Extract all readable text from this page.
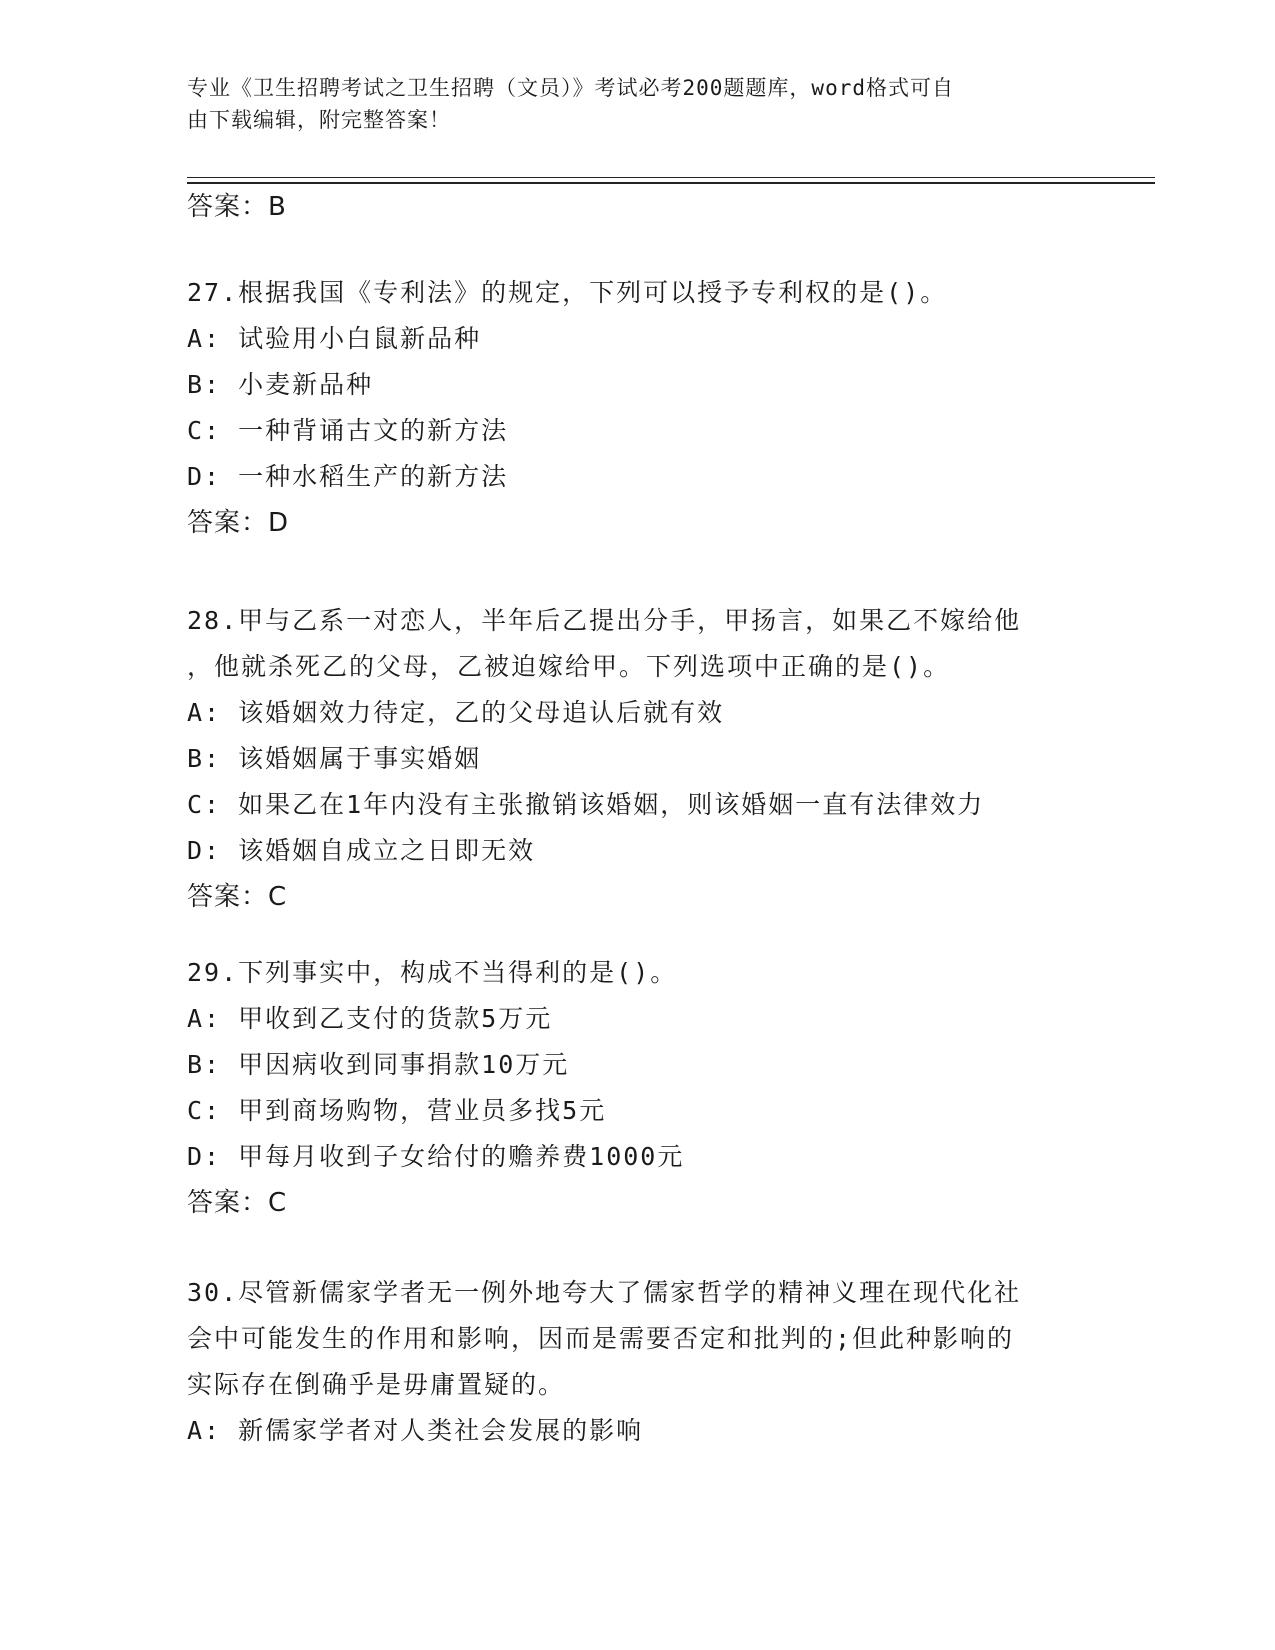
专业《卫生招聘考试之卫生招聘（文员）》考试必考200题题库，word格式可自
由下载编辑，附完整答案！
答案：B
27.根据我国《专利法》的规定，下列可以授予专利权的是()。
A: 试验用小白鼠新品种
B: 小麦新品种
C: 一种背诵古文的新方法
D: 一种水稻生产的新方法
答案：D
28.甲与乙系一对恋人，半年后乙提出分手，甲扬言，如果乙不嫁给他
，他就杀死乙的父母，乙被迫嫁给甲。下列选项中正确的是()。
A: 该婚姻效力待定，乙的父母追认后就有效
B: 该婚姻属于事实婚姻
C: 如果乙在1年内没有主张撤销该婚姻，则该婚姻一直有法律效力
D: 该婚姻自成立之日即无效
答案：C
29.下列事实中，构成不当得利的是()。
A: 甲收到乙支付的货款5万元
B: 甲因病收到同事捐款10万元
C: 甲到商场购物，营业员多找5元
D: 甲每月收到子女给付的赡养费1000元
答案：C
30.尽管新儒家学者无一例外地夸大了儒家哲学的精神义理在现代化社
会中可能发生的作用和影响，因而是需要否定和批判的;但此种影响的
实际存在倒确乎是毋庸置疑的。
A: 新儒家学者对人类社会发展的影响
